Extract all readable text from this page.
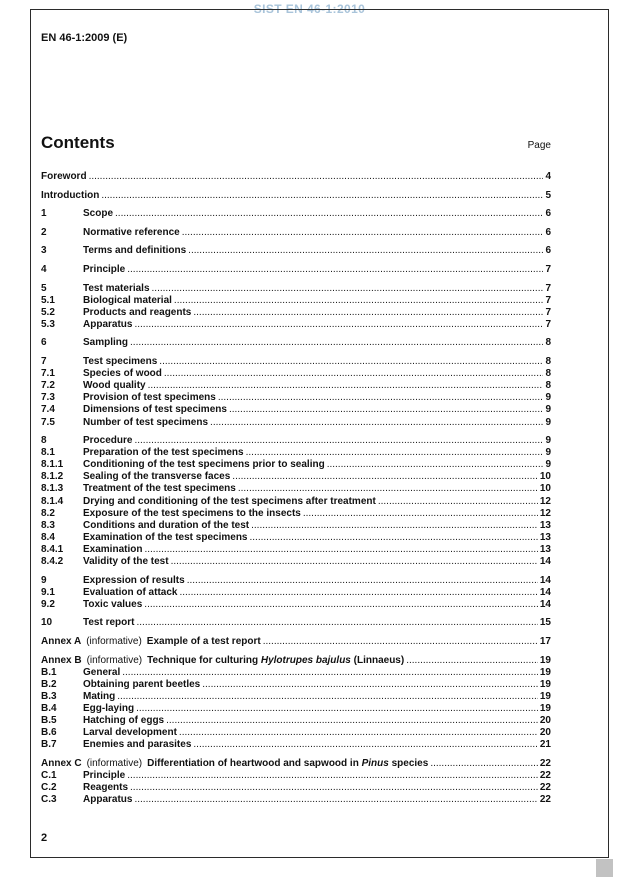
SIST EN 46-1:2010
EN 46-1:2009 (E)
Contents	Page
Foreword .....	4
Introduction .....	5
1	Scope .....	6
2	Normative reference .....	6
3	Terms and definitions .....	6
4	Principle .....	7
5	Test materials .....	7
5.1	Biological material .....	7
5.2	Products and reagents .....	7
5.3	Apparatus .....	7
6	Sampling .....	8
7	Test specimens .....	8
7.1	Species of wood .....	8
7.2	Wood quality .....	8
7.3	Provision of test specimens .....	9
7.4	Dimensions of test specimens .....	9
7.5	Number of test specimens .....	9
8	Procedure .....	9
8.1	Preparation of the test specimens .....	9
8.1.1	Conditioning of the test specimens prior to sealing .....	9
8.1.2	Sealing of the transverse faces .....	10
8.1.3	Treatment of the test specimens .....	10
8.1.4	Drying and conditioning of the test specimens after treatment .....	12
8.2	Exposure of the test specimens to the insects .....	12
8.3	Conditions and duration of the test .....	13
8.4	Examination of the test specimens .....	13
8.4.1	Examination .....	13
8.4.2	Validity of the test .....	14
9	Expression of results .....	14
9.1	Evaluation of attack .....	14
9.2	Toxic values .....	14
10	Test report .....	15
Annex A (informative) Example of a test report .....	17
Annex B (informative) Technique for culturing Hylotrupes bajulus (Linnaeus) .....	19
B.1	General .....	19
B.2	Obtaining parent beetles .....	19
B.3	Mating .....	19
B.4	Egg-laying .....	19
B.5	Hatching of eggs .....	20
B.6	Larval development .....	20
B.7	Enemies and parasites .....	21
Annex C (informative) Differentiation of heartwood and sapwood in Pinus species .....	22
C.1	Principle .....	22
C.2	Reagents .....	22
C.3	Apparatus .....	22
2
